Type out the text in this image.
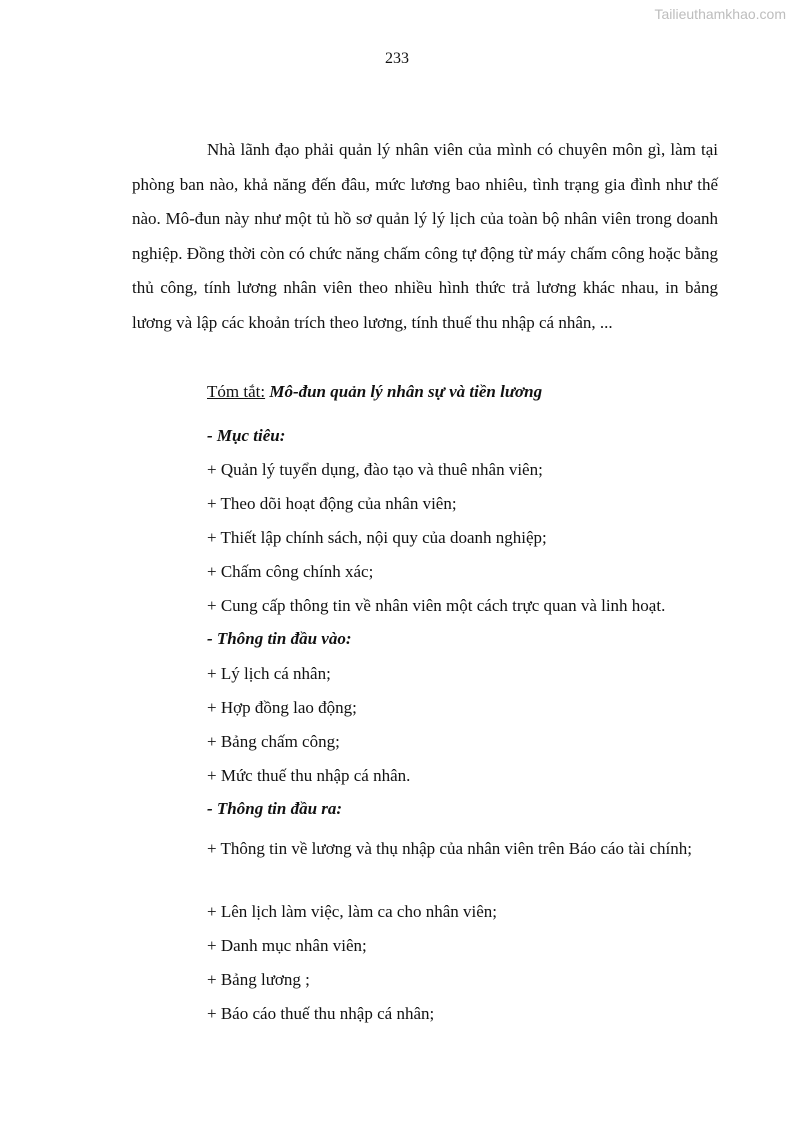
Tailieuthamkhao.com
233

Nhà lãnh đạo phải quản lý nhân viên của mình có chuyên môn gì, làm tại phòng ban nào, khả năng đến đâu, mức lương bao nhiêu, tình trạng gia đình như thế nào. Mô-đun này như một tủ hồ sơ quản lý lý lịch của toàn bộ nhân viên trong doanh nghiệp. Đồng thời còn có chức năng chấm công tự động từ máy chấm công hoặc bằng thủ công, tính lương nhân viên theo nhiều hình thức trả lương khác nhau, in bảng lương và lập các khoản trích theo lương, tính thuế thu nhập cá nhân, ...

Tóm tắt: Mô-đun quản lý nhân sự và tiền lương
- Mục tiêu:
+ Quản lý tuyển dụng, đào tạo và thuê nhân viên;
+ Theo dõi hoạt động của nhân viên;
+ Thiết lập chính sách, nội quy của doanh nghiệp;
+ Chấm công chính xác;
+ Cung cấp thông tin về nhân viên một cách trực quan và linh hoạt.
- Thông tin đầu vào:
+ Lý lịch cá nhân;
+ Hợp đồng lao động;
+ Bảng chấm công;
+ Mức thuế thu nhập cá nhân.
- Thông tin đầu ra:

+ Thông tin về lương và thụ nhập của nhân viên trên Báo cáo tài chính;

+ Lên lịch làm việc, làm ca cho nhân viên;
+ Danh mục nhân viên;
+ Bảng lương ;
+ Báo cáo thuế thu nhập cá nhân;
